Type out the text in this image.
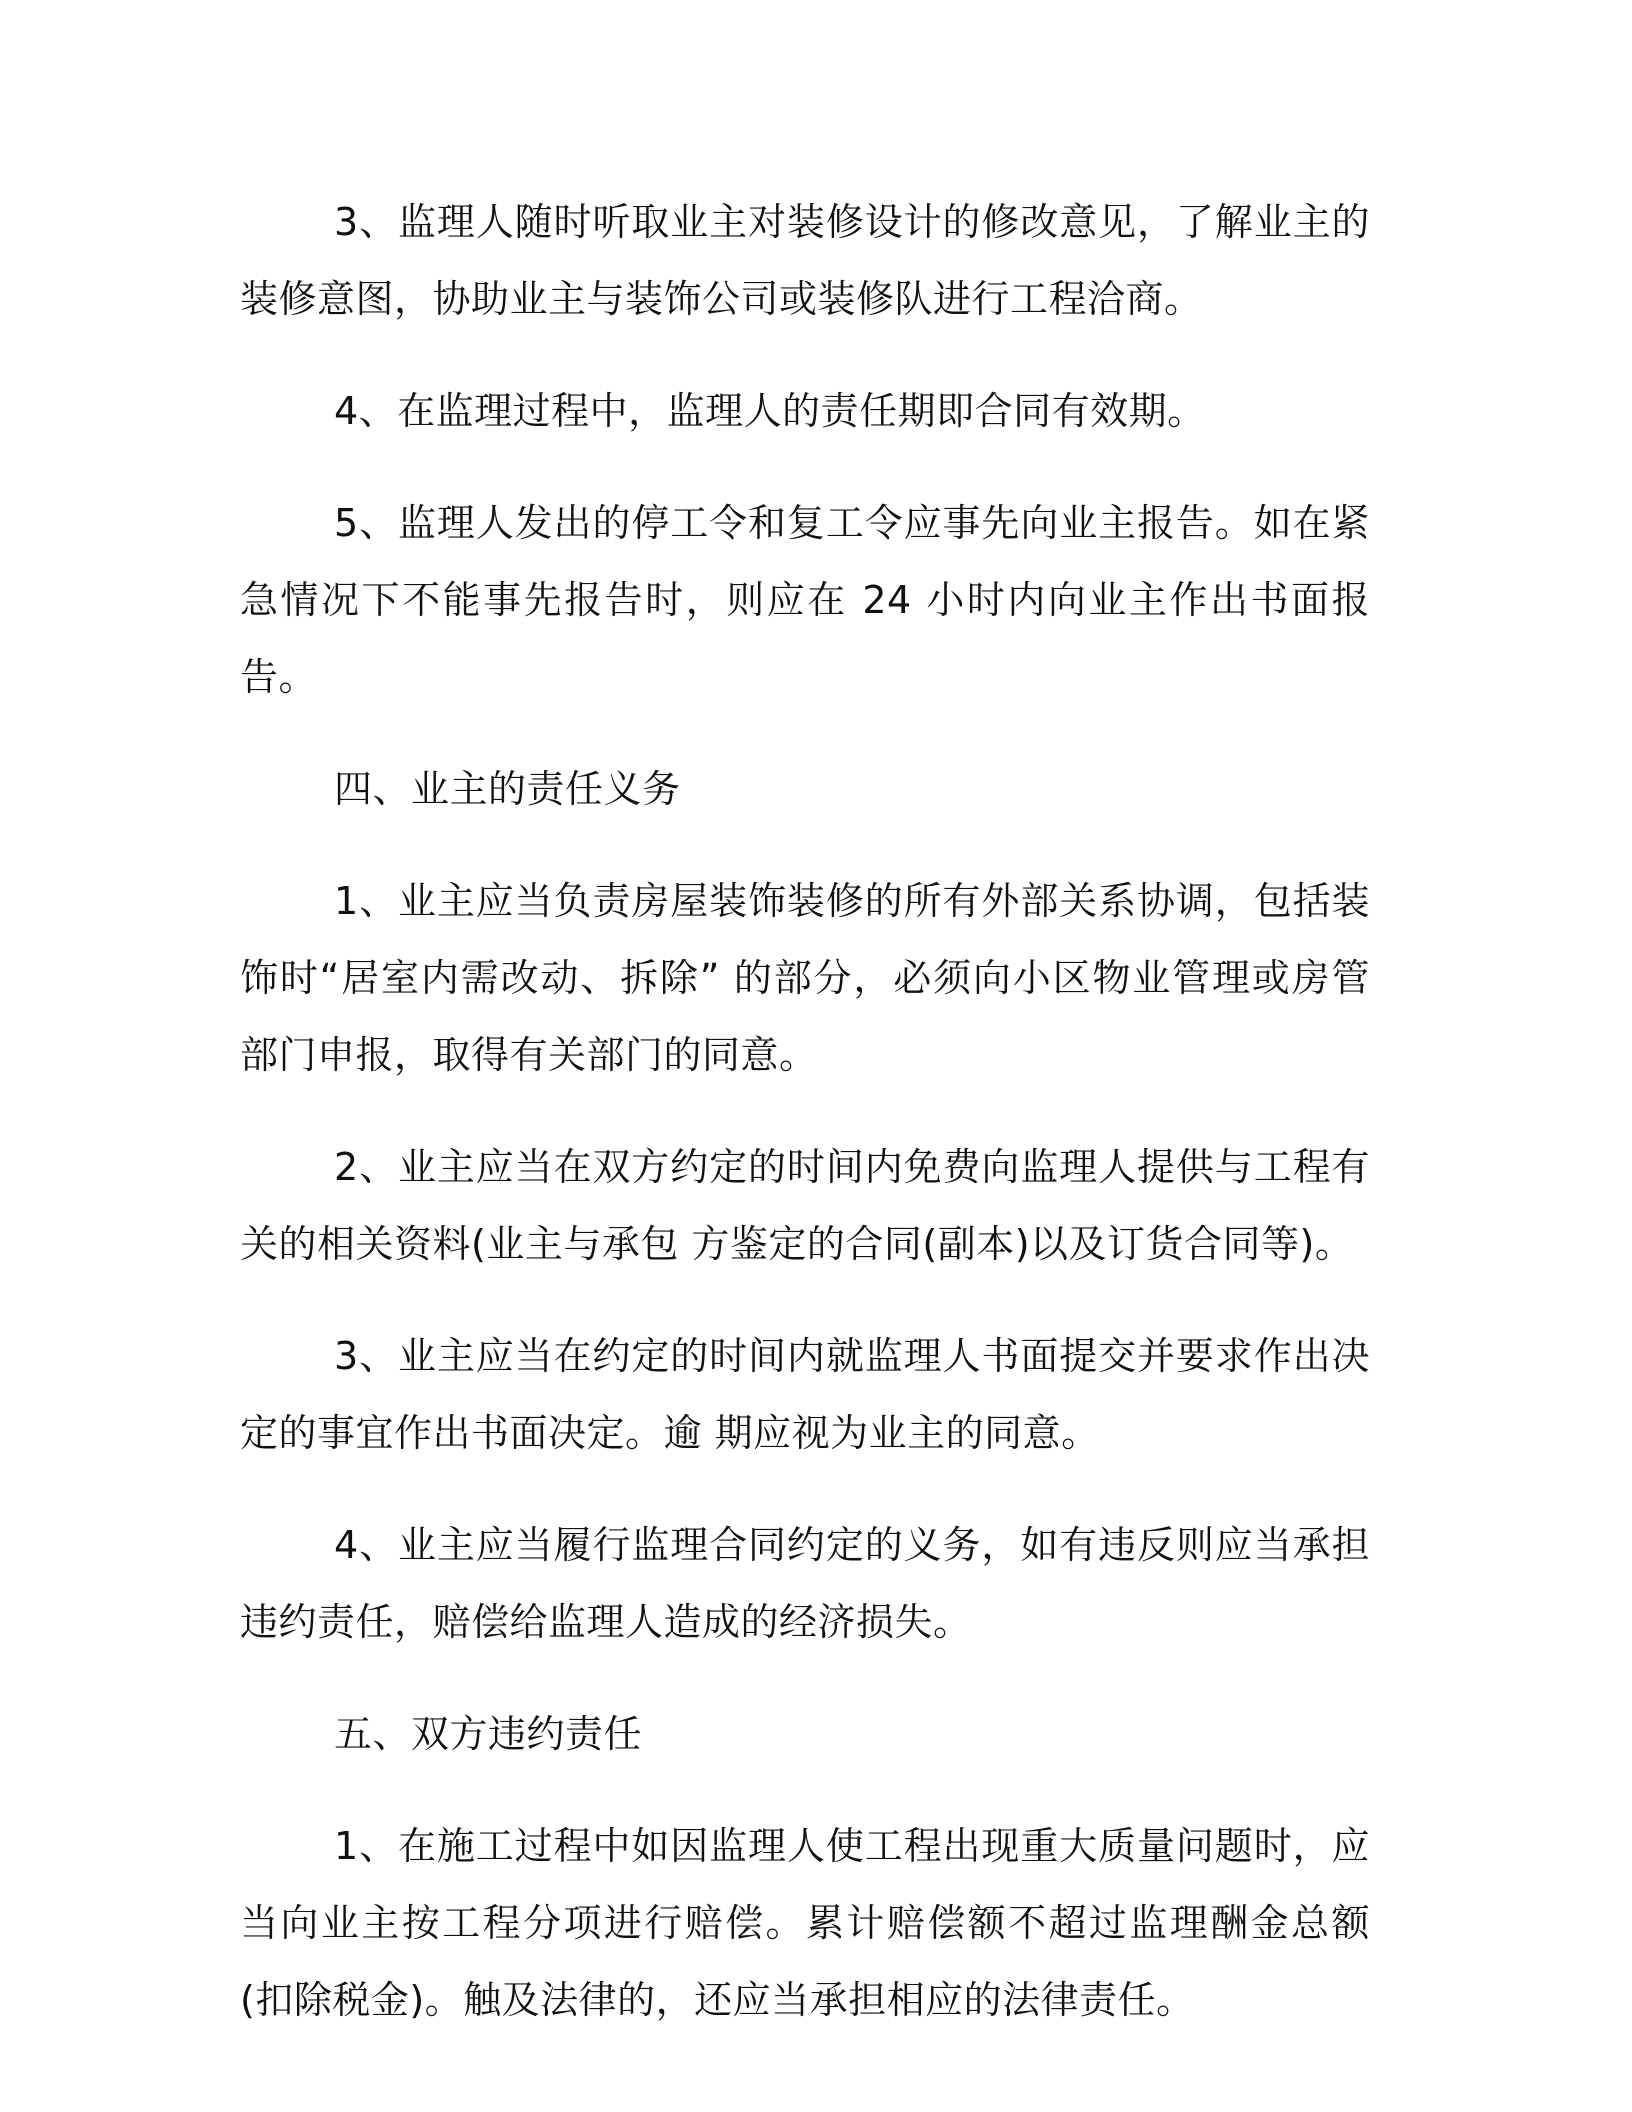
3、监理人随时听取业主对装修设计的修改意见，了解业主的装修意图，协助业主与装饰公司或装修队进行工程洽商。

4、在监理过程中，监理人的责任期即合同有效期。

5、监理人发出的停工令和复工令应事先向业主报告。如在紧急情况下不能事先报告时，则应在 24 小时内向业主作出书面报告。

四、业主的责任义务

1、业主应当负责房屋装饰装修的所有外部关系协调，包括装饰时“居室内需改动、拆除” 的部分，必须向小区物业管理或房管部门申报，取得有关部门的同意。

2、业主应当在双方约定的时间内免费向监理人提供与工程有关的相关资料(业主与承包 方鉴定的合同(副本)以及订货合同等)。

3、业主应当在约定的时间内就监理人书面提交并要求作出决定的事宜作出书面决定。逾 期应视为业主的同意。

4、业主应当履行监理合同约定的义务，如有违反则应当承担违约责任，赔偿给监理人造成的经济损失。

五、双方违约责任

1、在施工过程中如因监理人使工程出现重大质量问题时，应当向业主按工程分项进行赔偿。累计赔偿额不超过监理酬金总额(扣除税金)。触及法律的，还应当承担相应的法律责任。
